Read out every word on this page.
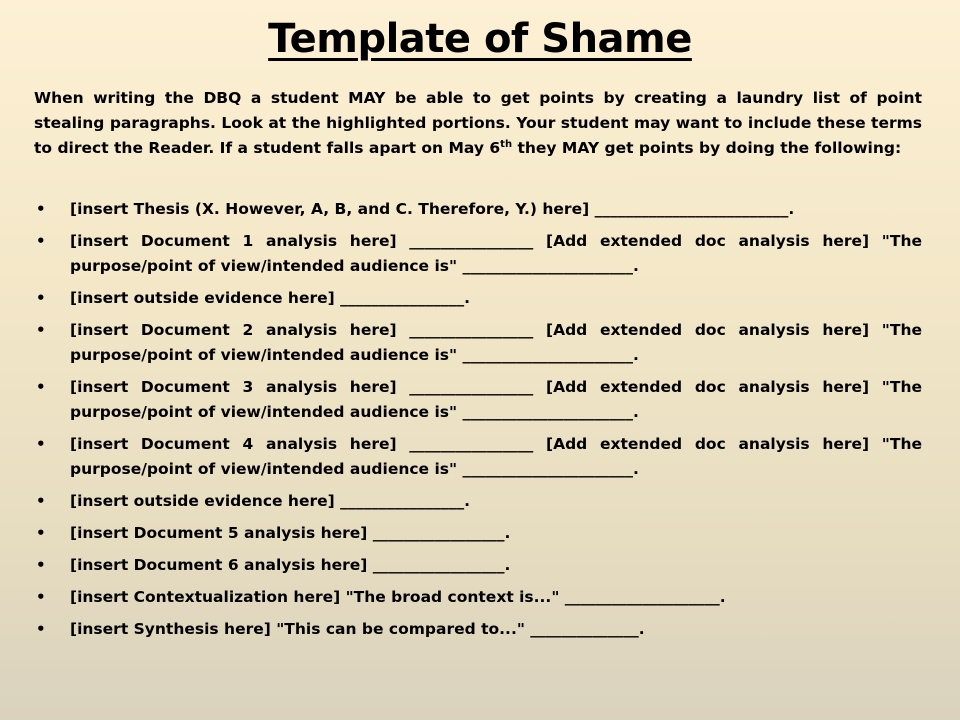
Template of Shame
When writing the DBQ a student MAY be able to get points by creating a laundry list of point stealing paragraphs. Look at the highlighted portions. Your student may want to include these terms to direct the Reader. If a student falls apart on May 6th they MAY get points by doing the following:
• [insert Thesis (X. However, A, B, and C. Therefore, Y.) here] _________________________.
• [insert Document 1 analysis here] ________________ [Add extended doc analysis here] "The purpose/point of view/intended audience is" ______________________.
• [insert outside evidence here] ________________.
• [insert Document 2 analysis here] ________________ [Add extended doc analysis here] "The purpose/point of view/intended audience is" ______________________.
• [insert Document 3 analysis here] ________________ [Add extended doc analysis here] "The purpose/point of view/intended audience is" ______________________.
• [insert Document 4 analysis here] ________________ [Add extended doc analysis here] "The purpose/point of view/intended audience is" ______________________.
• [insert outside evidence here] ________________.
• [insert Document 5 analysis here] _________________.
• [insert Document 6 analysis here] _________________.
• [insert Contextualization here] "The broad context is..." ____________________.
• [insert Synthesis here] "This can be compared to..." ______________.
